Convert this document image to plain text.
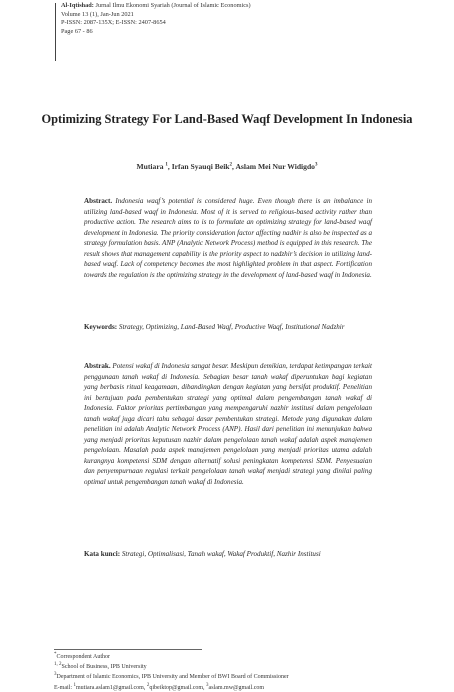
Al-Iqtishad: Jurnal Ilmu Ekonomi Syariah (Journal of Islamic Economics)
Volume 13 (1), Jan-Jun 2021
P-ISSN: 2087-135X; E-ISSN: 2407-8654
Page 67 - 86
Optimizing Strategy For Land-Based Waqf Development In Indonesia
Mutiara $^1$, Irfan Syauqi Beik$^2$, Aslam Mei Nur Widigdo$^3$
Abstract. Indonesia waqf’s potential is considered huge. Even though there is an imbalance in utilizing land-based waqf in Indonesia. Most of it is served to religious-based activity rather than productive action. The research aims to is to formulate an optimizing strategy for land-based waqf development in Indonesia. The priority consideration factor affecting nadhir is also be inspected as a strategy formulation basis. ANP (Analytic Network Process) method is equipped in this research. The result shows that management capability is the priority aspect to nadzhir’s decision in utilizing land-based waqf. Lack of competency becomes the most highlighted problem in that aspect. Fortification towards the regulation is the optimizing strategy in the development of land-based waqf in Indonesia.
Keywords: Strategy, Optimizing, Land-Based Waqf, Productive Waqf, Institutional Nadzhir
Abstrak. Potensi wakaf di Indonesia sangat besar. Meskipun demikian, terdapat ketimpangan terkait penggunaan tanah wakaf di Indonesia. Sebagian besar tanah wakaf diperuntukan bagi kegiatan yang berbasis ritual keagamaan, dibandingkan dengan kegiatan yang bersifat produktif. Penelitian ini bertujuan pada pembentukan strategi yang optimal dalam pengembangan tanah wakaf di Indonesia. Faktor prioritas pertimbangan yang mempengaruhi nazhir institusi dalam pengelolaan tanah wakaf juga dicari tahu sebagai dasar pembentukan strategi. Metode yang digunakan dalam penelitian ini adalah Analytic Network Process (ANP). Hasil dari penelitian ini menunjukan bahwa yang menjadi prioritas keputusan nazhir dalam pengelolaan tanah wakaf adalah aspek manajemen pengelolaan. Masalah pada aspek manajemen pengelolaan yang menjadi prioritas utama adalah kurangnya kompetensi SDM dengan alternatif solusi peningkatan kompetensi SDM. Penyesuaian dan penyempurnaan regulasi terkait pengelolaan tanah wakaf menjadi strategi yang dinilai paling optimal untuk pengembangan tanah wakaf di Indonesia.
Kata kunci: Strategi, Optimalisasi, Tanah wakaf, Wakaf Produktif, Nazhir Institusi
*Correspondent Author
$^{1, 2}$School of Business, IPB University
$^3$Department of Islamic Economics, IPB University and Member of BWI Board of Commissioner
E-mail: $^1$mutiara.aslam1@gmail.com, $^2$qibeiktop@gmail.com, $^3$aslam.mw@gmail.com
